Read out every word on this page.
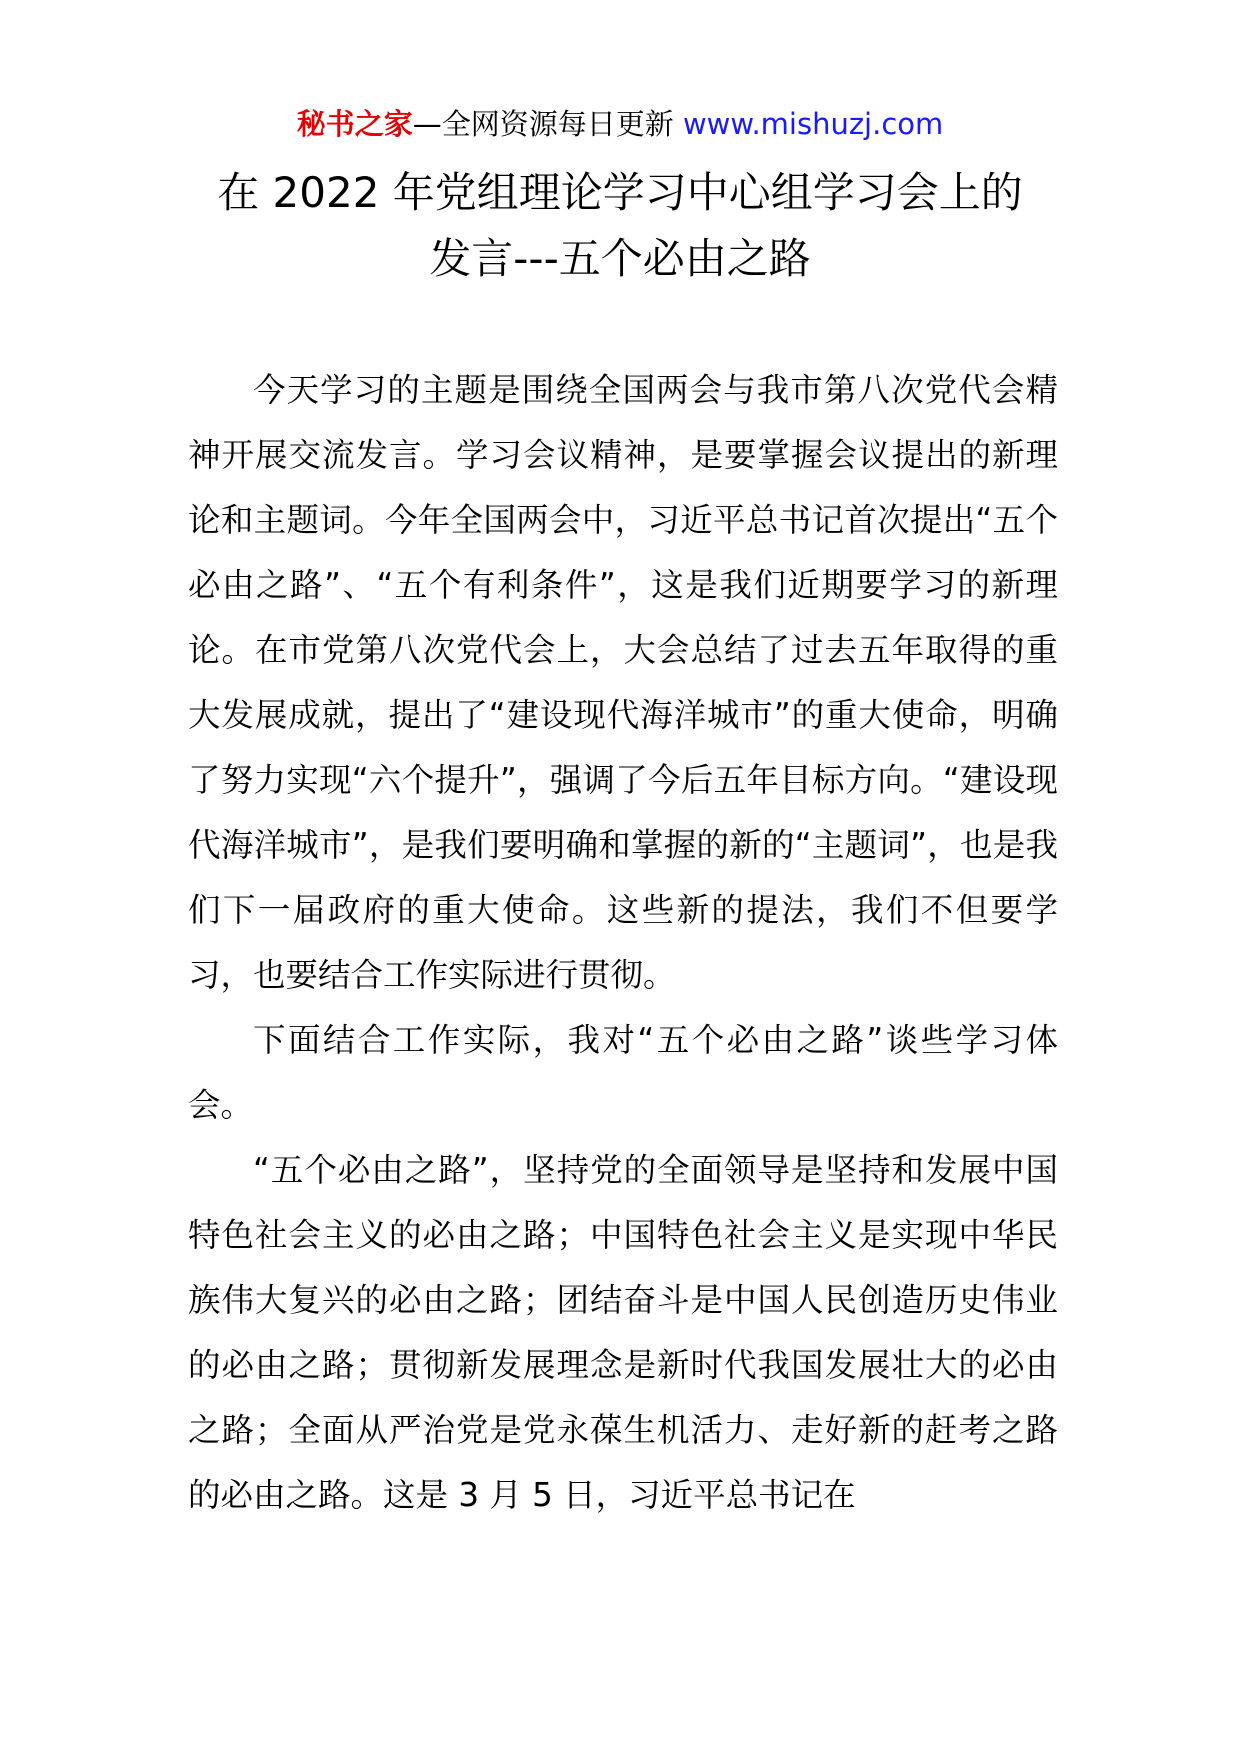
秘书之家—全网资源每日更新 www.mishuzj.com
在 2022 年党组理论学习中心组学习会上的
发言---五个必由之路

今天学习的主题是围绕全国两会与我市第八次党代会精神开展交流发言。学习会议精神，是要掌握会议提出的新理论和主题词。今年全国两会中，习近平总书记首次提出“五个必由之路”、“五个有利条件”，这是我们近期要学习的新理论。在市党第八次党代会上，大会总结了过去五年取得的重大发展成就，提出了“建设现代海洋城市”的重大使命，明确了努力实现“六个提升”，强调了今后五年目标方向。“建设现代海洋城市”，是我们要明确和掌握的新的“主题词”，也是我们下一届政府的重大使命。这些新的提法，我们不但要学习，也要结合工作实际进行贯彻。

下面结合工作实际，我对“五个必由之路”谈些学习体会。

“五个必由之路”，坚持党的全面领导是坚持和发展中国特色社会主义的必由之路；中国特色社会主义是实现中华民族伟大复兴的必由之路；团结奋斗是中国人民创造历史伟业的必由之路；贯彻新发展理念是新时代我国发展壮大的必由之路；全面从严治党是党永葆生机活力、走好新的赶考之路的必由之路。这是 3 月 5 日，习近平总书记在
